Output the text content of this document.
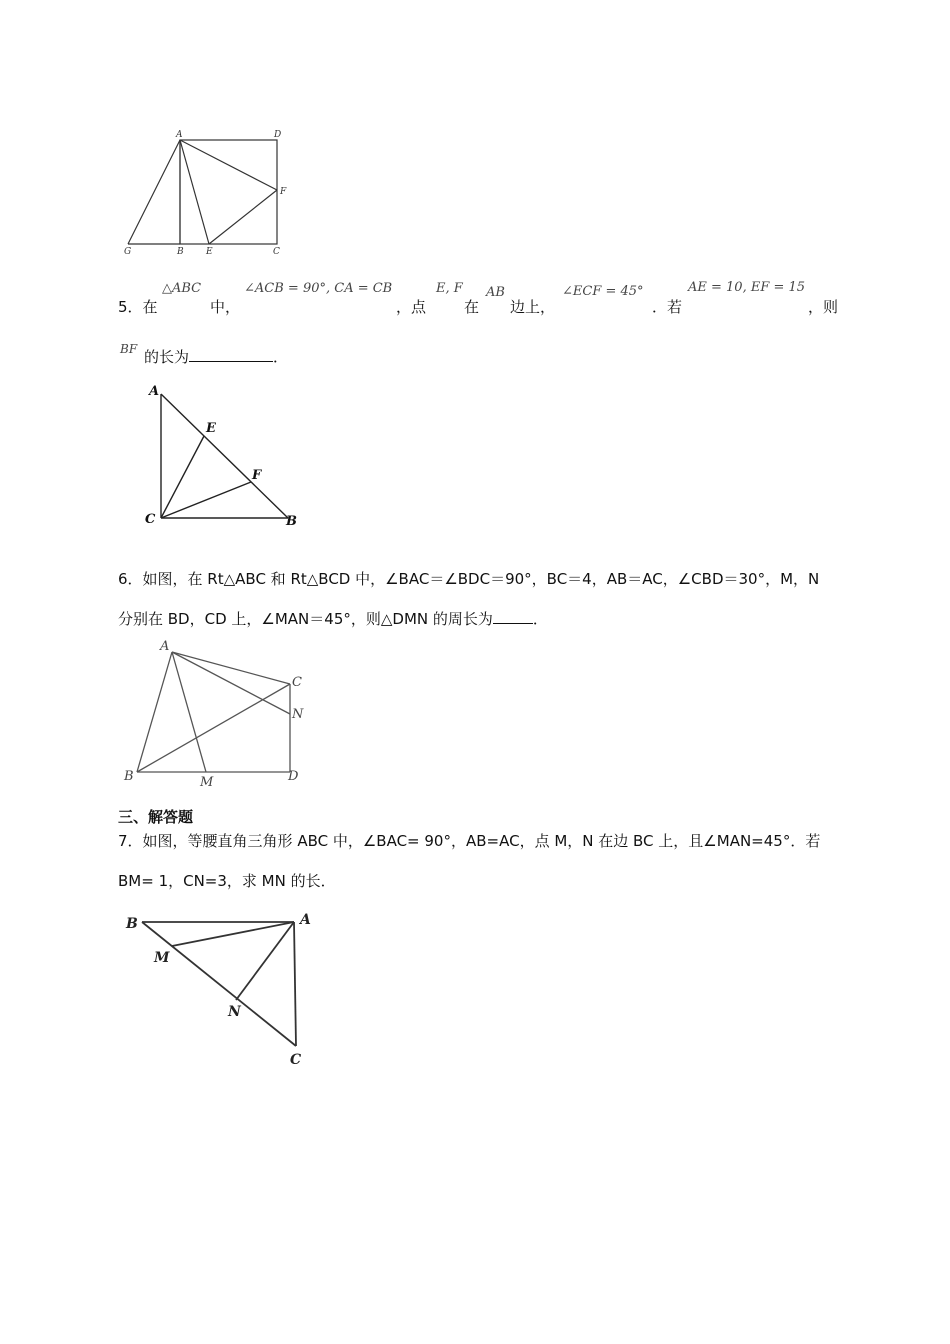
A	D
F
G	B E	C
5．在
△ABC
中，
∠ACB = 90°, CA = CB
，点
E, F
在
AB
边上，
∠ECF = 45°
．若
AE = 10, EF = 15
，则
BF 的长为	．
A
E
F
C	B
6．如图，在 Rt△ABC 和 Rt△BCD 中，∠BAC＝∠BDC＝90°，BC＝4，AB＝AC，∠CBD＝30°，M，N
分别在 BD，CD 上，∠MAN＝45°，则△DMN 的周长为	．
A
C
N
B	M	D
三、解答题
7．如图，等腰直角三角形 ABC 中，∠BAC= 90°，AB=AC，点 M，N 在边 BC 上，且∠MAN=45°．若
BM= 1，CN=3，求 MN 的长．
B	A
M
N
C
